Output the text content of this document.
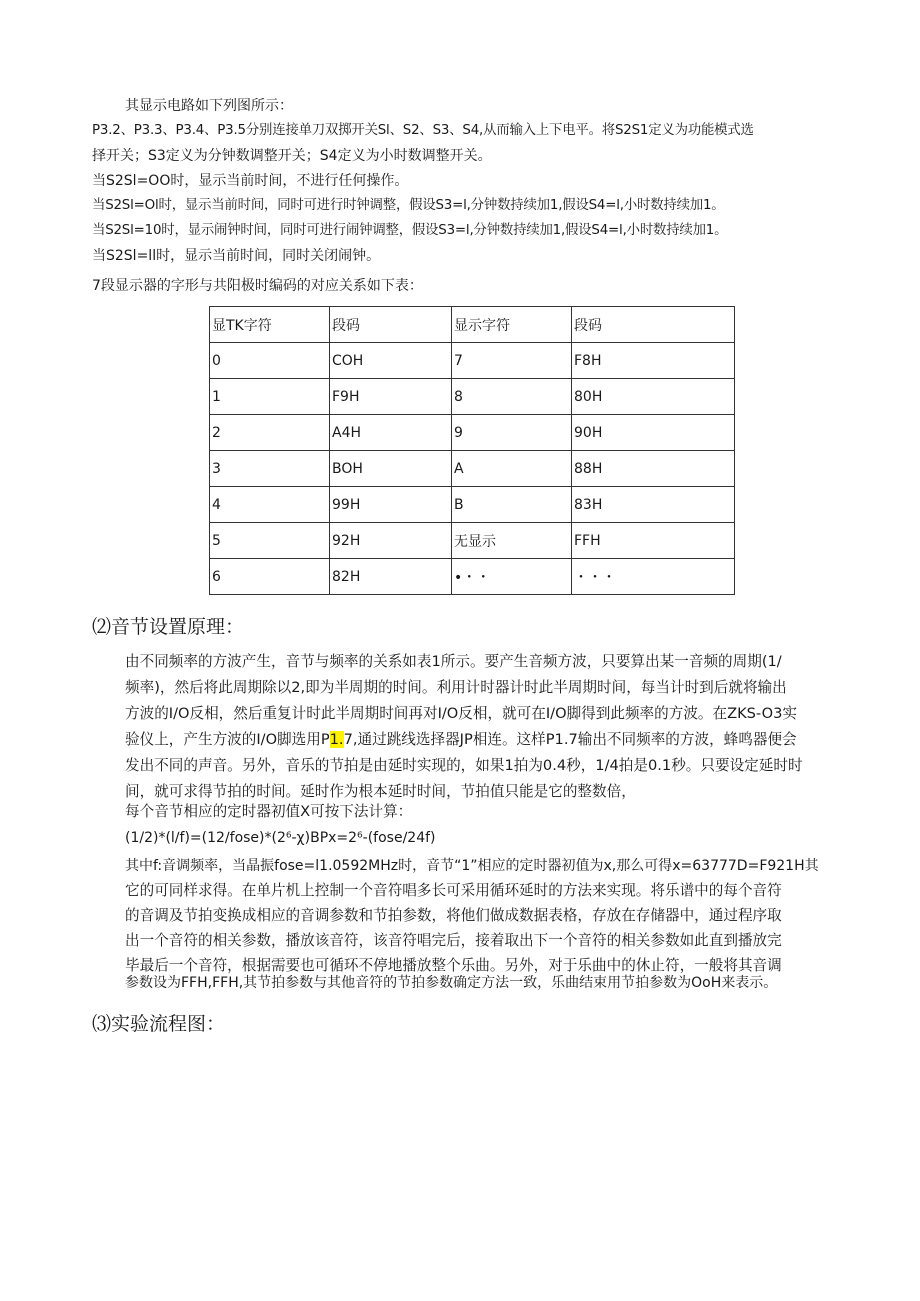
其显示电路如下列图所示：
P3.2、P3.3、P3.4、P3.5分别连接单刀双掷开关Sl、S2、S3、S4,从而输入上下电平。将S2S1定义为功能模式选
择开关；S3定义为分钟数调整开关；S4定义为小时数调整开关。
当S2Sl=OO时，显示当前时间，不进行任何操作。
当S2Sl=Ol时，显示当前时间，同时可进行时钟调整，假设S3=l,分钟数持续加1,假设S4=l,小时数持续加1。
当S2Sl=10时，显示闹钟时间，同时可进行闹钟调整，假设S3=l,分钟数持续加1,假设S4=l,小时数持续加1。
当S2Sl=ll时，显示当前时间，同时关闭闹钟。
7段显示器的字形与共阳极时编码的对应关系如下表：
显TK字符	段码	显示字符	段码
0	COH	7	F8H
1	F9H	8	80H
2	A4H	9	90H
3	BOH	A	88H
4	99H	B	83H
5	92H	无显示	FFH
6	82H	•・・	・・・
⑵音节设置原理：
由不同频率的方波产生，音节与频率的关系如表1所示。要产生音频方波，只要算出某一音频的周期(1/
频率)，然后将此周期除以2,即为半周期的时间。利用计时器计时此半周期时间，每当计时到后就将输出
方波的I/O反相，然后重复计时此半周期时间再对I/O反相，就可在I/O脚得到此频率的方波。在ZKS-O3实
验仪上，产生方波的I/O脚选用P1.7,通过跳线选择器JP相连。这样P1.7输出不同频率的方波，蜂鸣器便会
发出不同的声音。另外，音乐的节拍是由延时实现的，如果1拍为0.4秒，1/4拍是0.1秒。只要设定延时时
间，就可求得节拍的时间。延时作为根本延时时间，节拍值只能是它的整数倍，
每个音节相应的定时器初值X可按下法计算：
(1/2)*(l∕f)=(12∕fose)*(2⁶-χ)BPx=2⁶-(fose∕24f)
其中f:音调频率，当晶振fose=l1.0592MHz时，音节“1”相应的定时器初值为x,那么可得x=63777D=F921H其
它的可同样求得。在单片机上控制一个音符唱多长可采用循环延时的方法来实现。将乐谱中的每个音符
的音调及节拍变换成相应的音调参数和节拍参数，将他们做成数据表格，存放在存储器中，通过程序取
出一个音符的相关参数，播放该音符，该音符唱完后，接着取出下一个音符的相关参数如此直到播放完
毕最后一个音符，根据需要也可循环不停地播放整个乐曲。另外，对于乐曲中的休止符，一般将其音调
参数设为FFH,FFH,其节拍参数与其他音符的节拍参数确定方法一致，乐曲结束用节拍参数为OoH来表示。
⑶实验流程图：
